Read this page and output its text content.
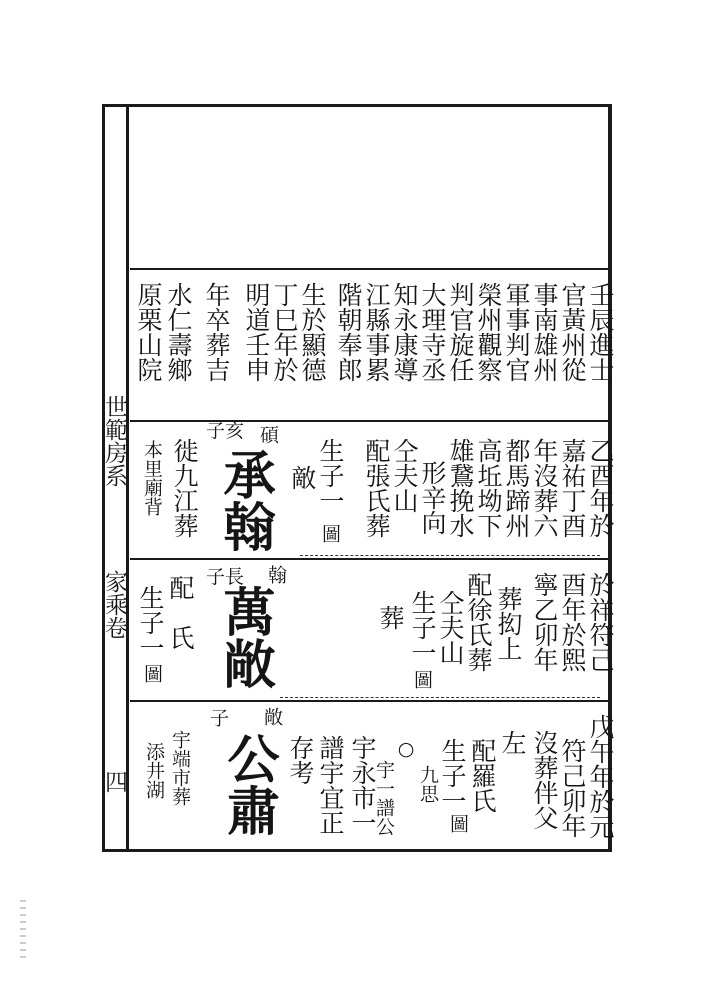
世範房系
家乘卷
四
壬辰進士
官黃州從
事南雄州
軍事判官
榮州觀察
判官旋任
大理寺丞
知永康導
江縣事累
階朝奉郎
生於顯德
丁巳年於
明道壬申
年卒葬吉
水仁壽鄉
原栗山院
乙酉年於
嘉祐丁酉
年沒葬六
都馬蹄州
高坵坳下
雄鵞挽水
形辛向
仝夫山
配張氏葬
生子一
敵
圖
碩
子亥
承翰
徙九江葬
本里廟背
於祥符己
酉年於熙
寧乙卯年
葬抝上
配徐氏葬
仝夫山
生子一
葬
圖
翰
子長
萬敞
配　氏
生子一
圖
戊午年於元
符己卯年
沒葬伴父
左
配羅氏
生子一
九思
○
宇一譜公
宇永市一
譜宇宜正
存考
圖
敞
子
公肅
宇端市葬
添井湖
